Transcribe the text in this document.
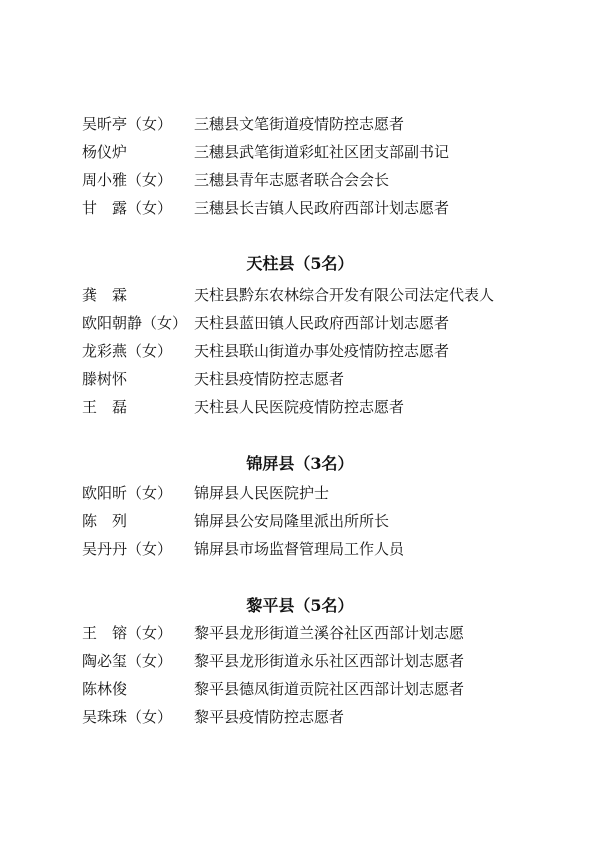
吴昕亭（女）	三穗县文笔街道疫情防控志愿者
杨仪炉	三穗县武笔街道彩虹社区团支部副书记
周小雅（女）	三穗县青年志愿者联合会会长
甘　露（女）	三穗县长吉镇人民政府西部计划志愿者
天柱县（5名）
龚　霖	天柱县黔东农林综合开发有限公司法定代表人
欧阳朝静（女） 天柱县蓝田镇人民政府西部计划志愿者
龙彩燕（女）	天柱县联山街道办事处疫情防控志愿者
滕树怀	天柱县疫情防控志愿者
王　磊	天柱县人民医院疫情防控志愿者
锦屏县（3名）
欧阳昕（女）	锦屏县人民医院护士
陈　列	锦屏县公安局隆里派出所所长
吴丹丹（女）	锦屏县市场监督管理局工作人员
黎平县（5名）
王　镕（女）	黎平县龙形街道兰溪谷社区西部计划志愿
陶必玺（女）	黎平县龙形街道永乐社区西部计划志愿者
陈林俊	黎平县德凤街道贡院社区西部计划志愿者
吴珠珠（女）	黎平县疫情防控志愿者
